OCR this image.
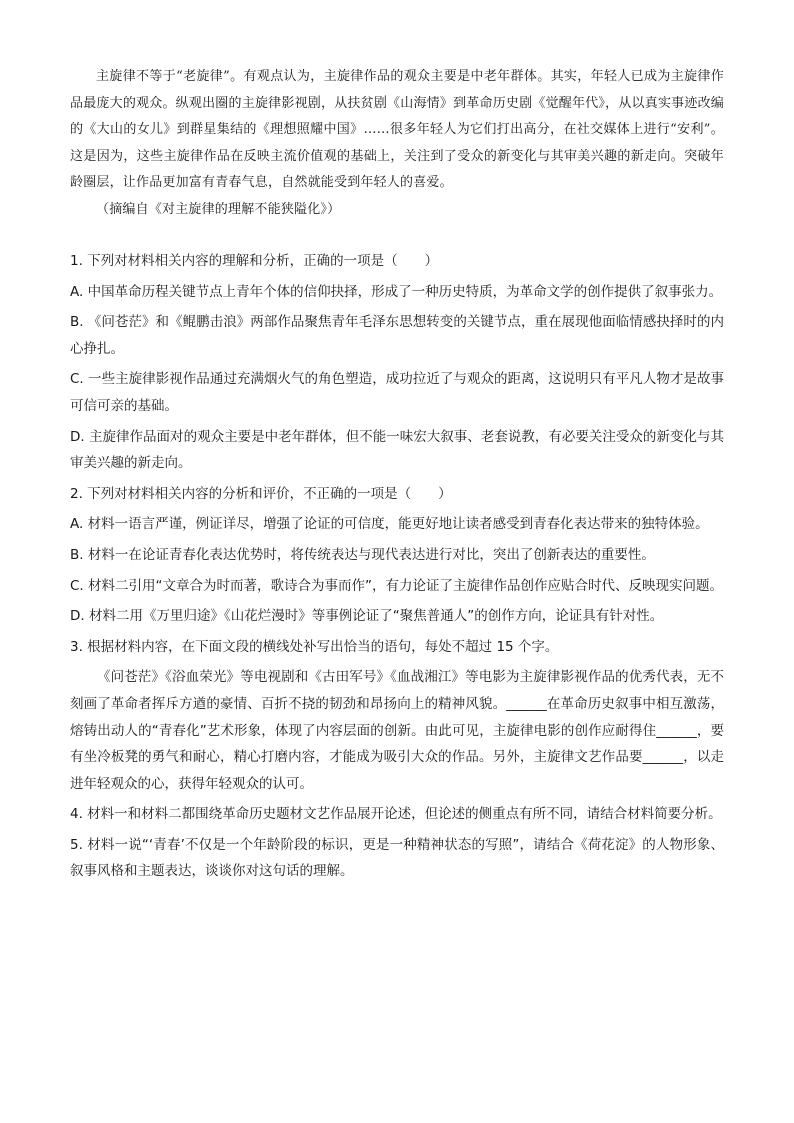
主旋律不等于“老旋律”。有观点认为，主旋律作品的观众主要是中老年群体。其实，年轻人已成为主旋律作品最庞大的观众。纵观出圈的主旋律影视剧，从扶贫剧《山海情》到革命历史剧《觉醒年代》，从以真实事迹改编的《大山的女儿》到群星集结的《理想照耀中国》……很多年轻人为它们打出高分，在社交媒体上进行“安利”。这是因为，这些主旋律作品在反映主流价值观的基础上，关注到了受众的新变化与其审美兴趣的新走向。突破年龄圈层，让作品更加富有青春气息，自然就能受到年轻人的喜爱。

（摘编自《对主旋律的理解不能狭隘化》）

1. 下列对材料相关内容的理解和分析，正确的一项是（　　）

A. 中国革命历程关键节点上青年个体的信仰抉择，形成了一种历史特质，为革命文学的创作提供了叙事张力。

B. 《问苍茫》和《鲲鹏击浪》两部作品聚焦青年毛泽东思想转变的关键节点，重在展现他面临情感抉择时的内心挣扎。

C. 一些主旋律影视作品通过充满烟火气的角色塑造，成功拉近了与观众的距离，这说明只有平凡人物才是故事可信可亲的基础。

D. 主旋律作品面对的观众主要是中老年群体，但不能一味宏大叙事、老套说教，有必要关注受众的新变化与其审美兴趣的新走向。

2. 下列对材料相关内容的分析和评价，不正确的一项是（　　）

A. 材料一语言严谨，例证详尽，增强了论证的可信度，能更好地让读者感受到青春化表达带来的独特体验。

B. 材料一在论证青春化表达优势时，将传统表达与现代表达进行对比，突出了创新表达的重要性。

C. 材料二引用“文章合为时而著，歌诗合为事而作”，有力论证了主旋律作品创作应贴合时代、反映现实问题。

D. 材料二用《万里归途》《山花烂漫时》等事例论证了“聚焦普通人”的创作方向，论证具有针对性。

3. 根据材料内容，在下面文段的横线处补写出恰当的语句，每处不超过 15 个字。

《问苍茫》《浴血荣光》等电视剧和《古田军号》《血战湘江》等电影为主旋律影视作品的优秀代表，无不刻画了革命者挥斥方遒的豪情、百折不挠的韧劲和昂扬向上的精神风貌。______在革命历史叙事中相互激荡，熔铸出动人的“青春化”艺术形象，体现了内容层面的创新。由此可见，主旋律电影的创作应耐得住______，要有坐冷板凳的勇气和耐心，精心打磨内容，才能成为吸引大众的作品。另外，主旋律文艺作品要______，以走进年轻观众的心，获得年轻观众的认可。

4. 材料一和材料二都围绕革命历史题材文艺作品展开论述，但论述的侧重点有所不同，请结合材料简要分析。

5. 材料一说“‘青春’不仅是一个年龄阶段的标识，更是一种精神状态的写照”，请结合《荷花淀》的人物形象、叙事风格和主题表达，谈谈你对这句话的理解。
